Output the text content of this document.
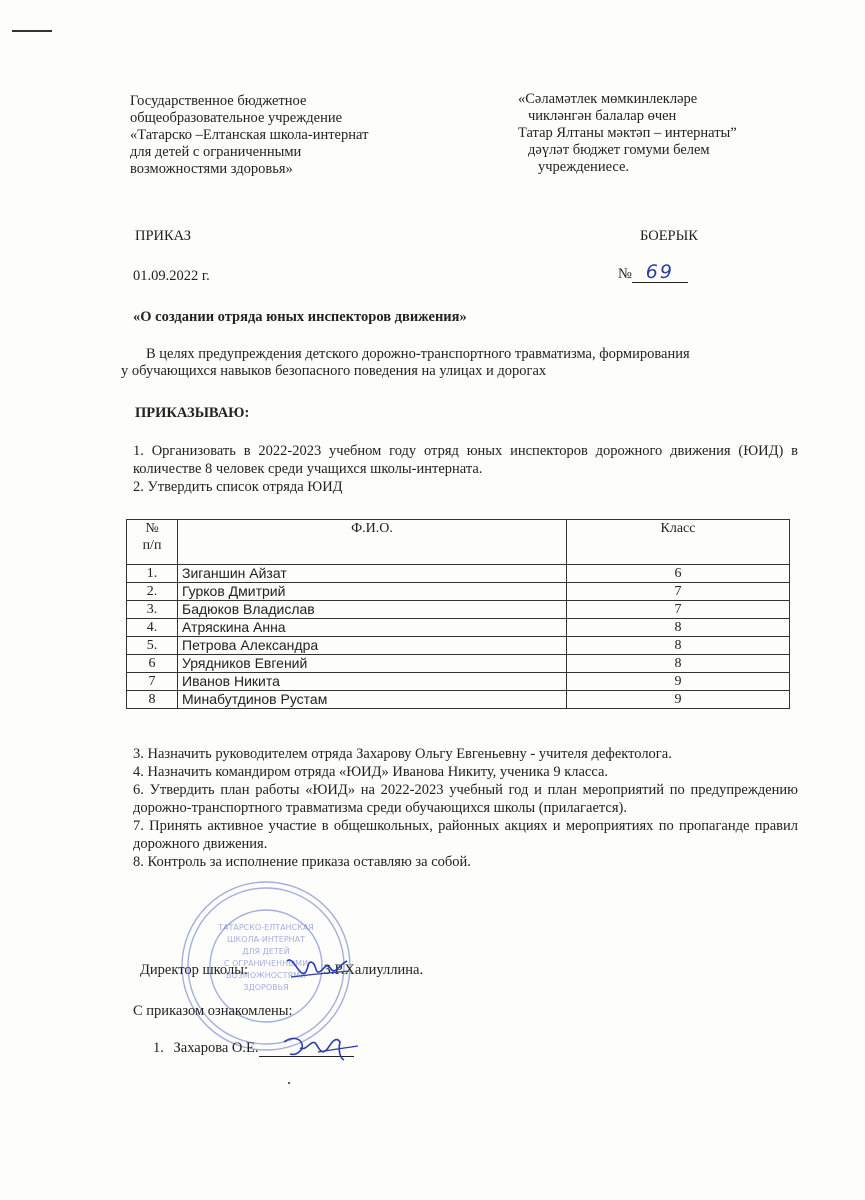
Государственное бюджетное
общеобразовательное учреждение
«Татарско –Елтанская школа-интернат
для детей с ограниченными
возможностями здоровья»
«Сәламәтлек мөмкинлекләре
чикләнгән балалар өчен
Татар Ялтаны мәктәп – интернаты”
дәүләт бюджет гомуми белем
учреждениесе.
ПРИКАЗ	БОЕРЫК
01.09.2022 г.	№ 69
«О создании отряда юных инспекторов движения»
В целях предупреждения детского дорожно-транспортного травматизма, формирования
у обучающихся навыков безопасного поведения на улицах и дорогах
ПРИКАЗЫВАЮ:
1. Организовать в 2022-2023 учебном году отряд юных инспекторов дорожного движения (ЮИД) в количестве 8 человек среди учащихся школы-интерната.
2. Утвердить список отряда ЮИД
№
п/п	Ф.И.О.	Класс
1.	Зиганшин Айзат	6
2.	Гурков Дмитрий	7
3.	Бадюков Владислав	7
4.	Атряскина Анна	8
5.	Петрова Александра	8
6	Урядников Евгений	8
7	Иванов Никита	9
8	Минабутдинов Рустам	9
3. Назначить руководителем отряда Захарову Ольгу Евгеньевну - учителя дефектолога.
4. Назначить командиром отряда «ЮИД» Иванова Никиту, ученика 9 класса.
6. Утвердить план работы «ЮИД» на 2022-2023 учебный год и план мероприятий по предупреждению дорожно-транспортного травматизма среди обучающихся школы (прилагается).
7. Принять активное участие в общешкольных, районных акциях и мероприятиях по пропаганде правил дорожного движения.
8. Контроль за исполнение приказа оставляю за собой.
ТАТАРСКО-ЕЛТАНСКАЯ
ШКОЛА-ИНТЕРНАТ
ДЛЯ ДЕТЕЙ
С ОГРАНИЧЕННЫМИ
ВОЗМОЖНОСТЯМИ
ЗДОРОВЬЯ
Директор школы:	З.Р.Халиуллина.
С приказом ознакомлены:
1. Захарова О.Е.
